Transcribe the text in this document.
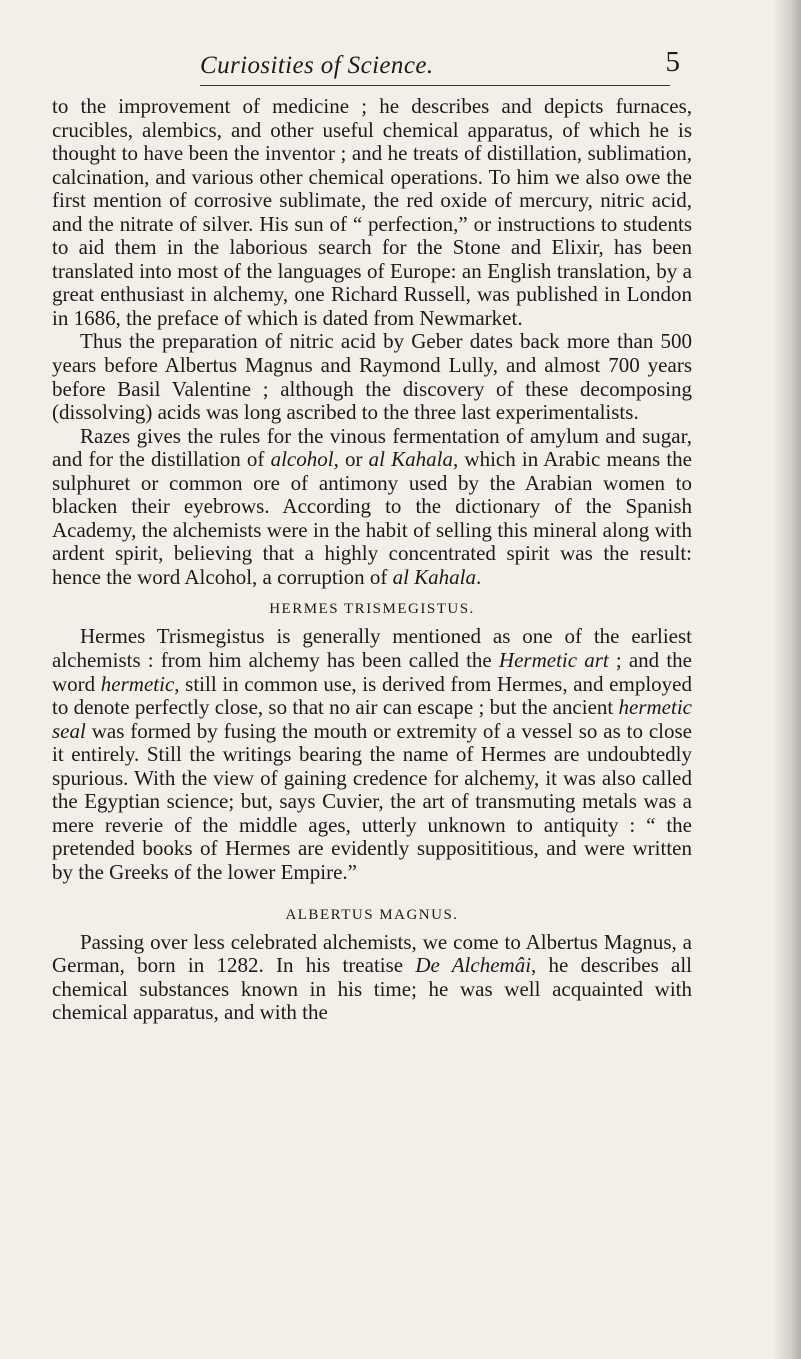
Curiosities of Science.	5

to the improvement of medicine ; he describes and depicts furnaces, crucibles, alembics, and other useful chemical apparatus, of which he is thought to have been the inventor ; and he treats of distillation, sublimation, calcination, and various other chemical operations. To him we also owe the first mention of corrosive sublimate, the red oxide of mercury, nitric acid, and the nitrate of silver. His sun of “ perfection,” or instructions to students to aid them in the laborious search for the Stone and Elixir, has been translated into most of the languages of Europe: an English translation, by a great enthusiast in alchemy, one Richard Russell, was published in London in 1686, the preface of which is dated from Newmarket.

Thus the preparation of nitric acid by Geber dates back more than 500 years before Albertus Magnus and Raymond Lully, and almost 700 years before Basil Valentine ; although the discovery of these decomposing (dissolving) acids was long ascribed to the three last experimentalists.

Razes gives the rules for the vinous fermentation of amylum and sugar, and for the distillation of alcohol, or al Kahala, which in Arabic means the sulphuret or common ore of antimony used by the Arabian women to blacken their eyebrows. According to the dictionary of the Spanish Academy, the alchemists were in the habit of selling this mineral along with ardent spirit, believing that a highly concentrated spirit was the result: hence the word Alcohol, a corruption of al Kahala.

HERMES TRISMEGISTUS.

Hermes Trismegistus is generally mentioned as one of the earliest alchemists : from him alchemy has been called the Hermetic art ; and the word hermetic, still in common use, is derived from Hermes, and employed to denote perfectly close, so that no air can escape ; but the ancient hermetic seal was formed by fusing the mouth or extremity of a vessel so as to close it entirely. Still the writings bearing the name of Hermes are undoubtedly spurious. With the view of gaining credence for alchemy, it was also called the Egyptian science; but, says Cuvier, the art of transmuting metals was a mere reverie of the middle ages, utterly unknown to antiquity : “ the pretended books of Hermes are evidently supposititious, and were written by the Greeks of the lower Empire.”

ALBERTUS MAGNUS.

Passing over less celebrated alchemists, we come to Albertus Magnus, a German, born in 1282. In his treatise De Alchemâi, he describes all chemical substances known in his time; he was well acquainted with chemical apparatus, and with the
